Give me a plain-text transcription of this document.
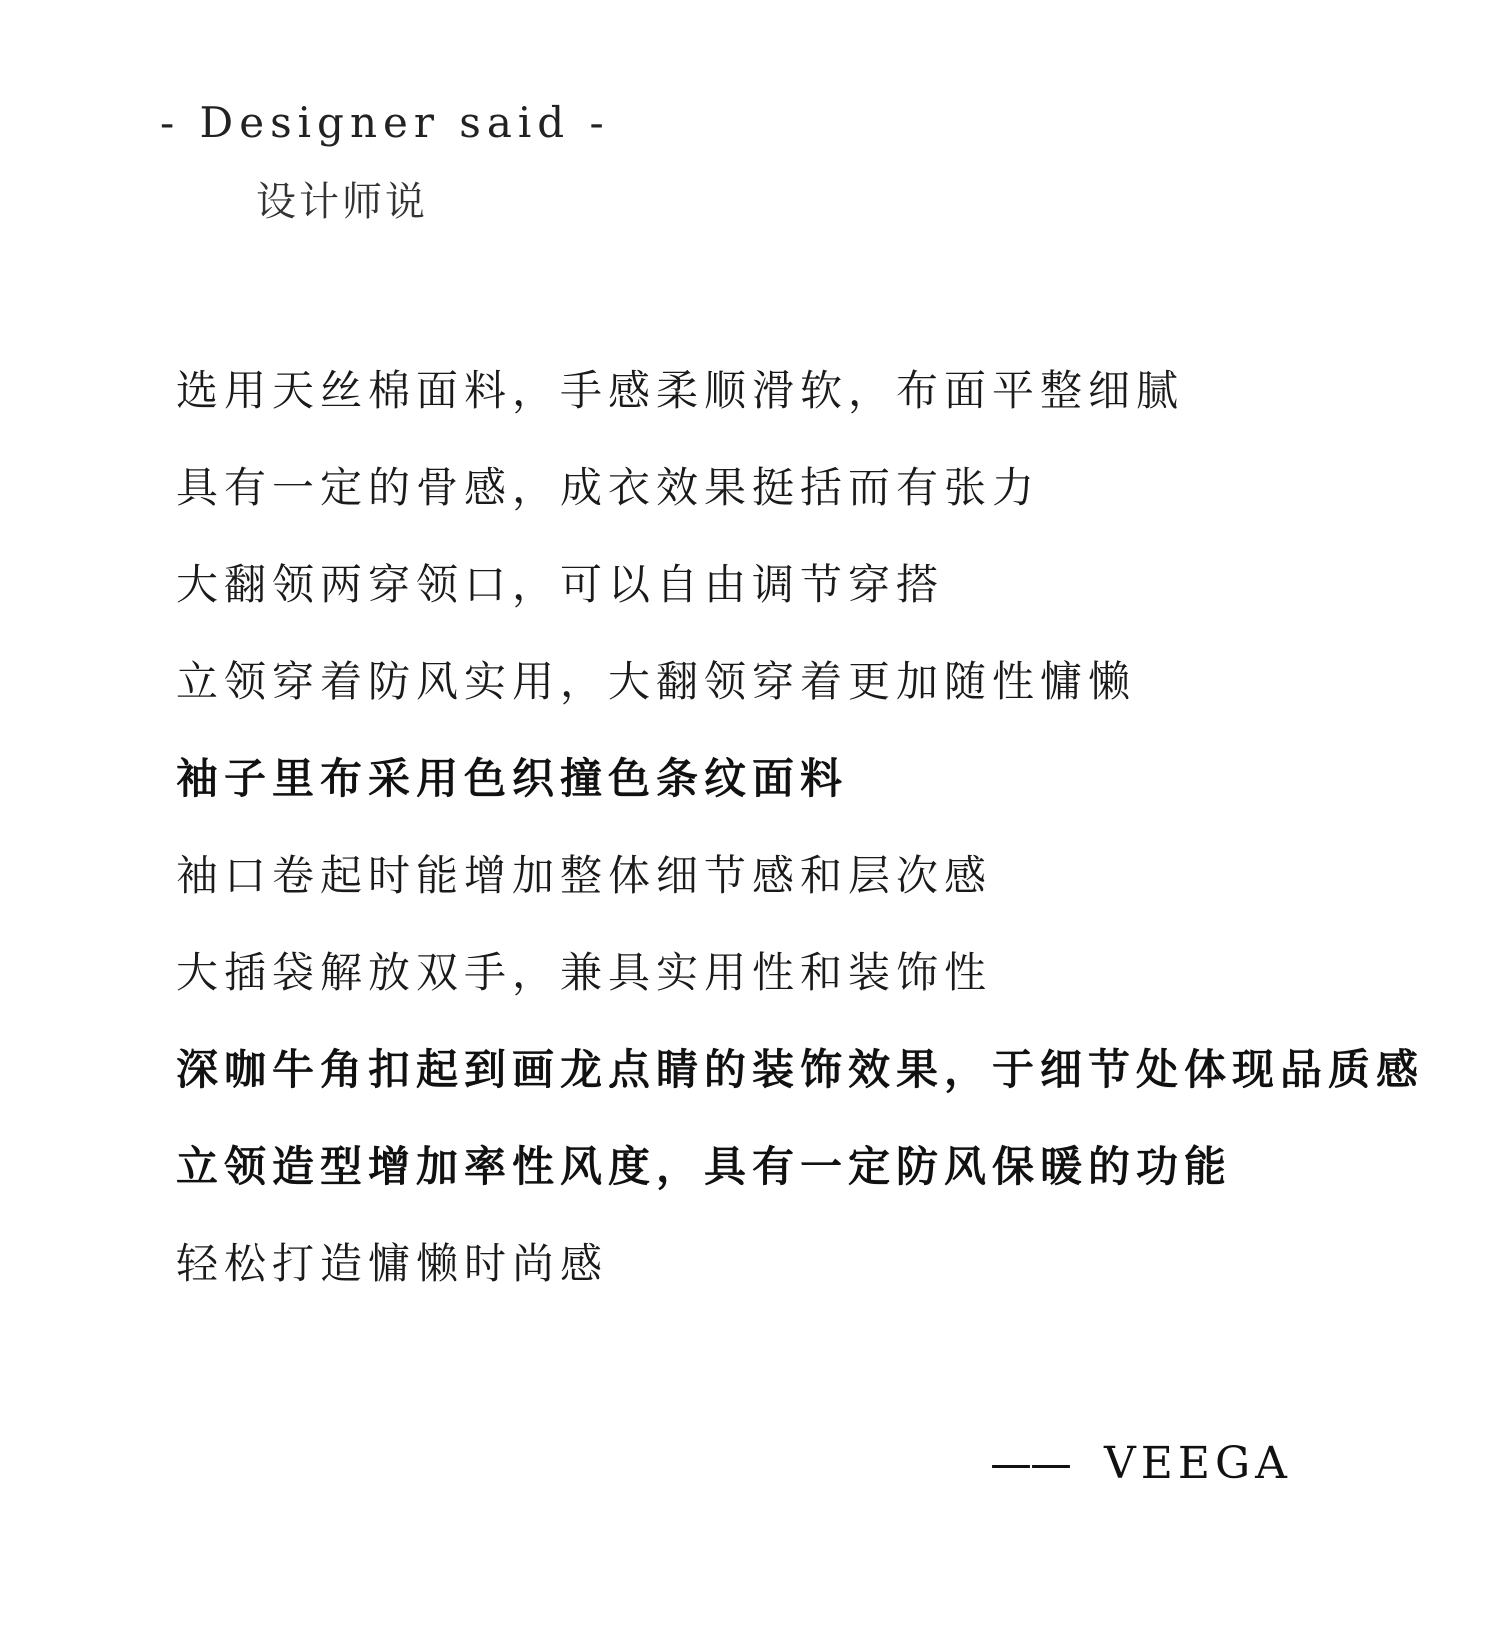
- Designer said -
设计师说
选用天丝棉面料，手感柔顺滑软，布面平整细腻
具有一定的骨感，成衣效果挺括而有张力
大翻领两穿领口，可以自由调节穿搭
立领穿着防风实用，大翻领穿着更加随性慵懒
袖子里布采用色织撞色条纹面料
袖口卷起时能增加整体细节感和层次感
大插袋解放双手，兼具实用性和装饰性
深咖牛角扣起到画龙点睛的装饰效果，于细节处体现品质感
立领造型增加率性风度，具有一定防风保暖的功能
轻松打造慵懒时尚感
—— VEEGA
